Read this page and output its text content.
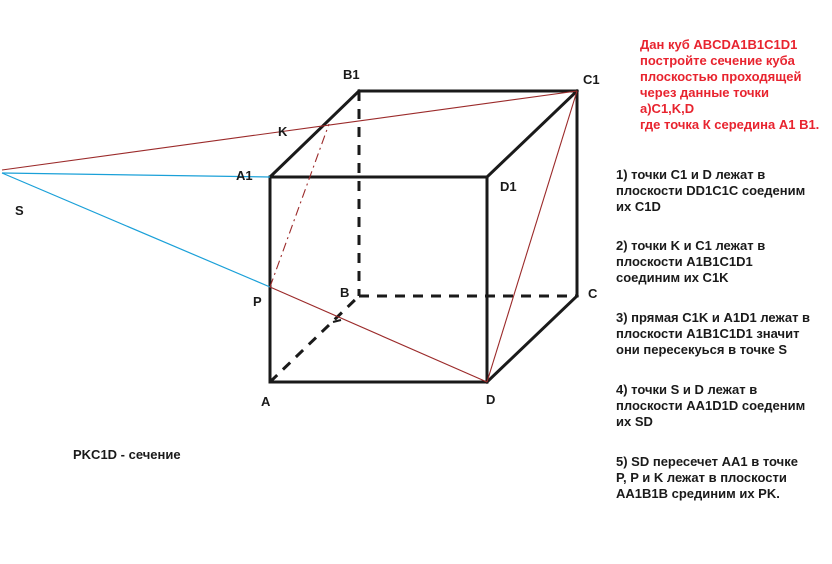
B1	C1
K
A1
D1
S
P
B	C
A	D
Дан куб ABCDA1B1C1D1
постройте сечение куба
плоскостью проходящей
через данные точки
а)C1,K,D
где точка К середина А1 В1.
1) точки C1 и D лежат в
плоскости DD1C1C соеденим
их C1D
2) точки K и C1 лежат в
плоскости A1B1C1D1
соединим их C1K
3) прямая C1K и A1D1 лежат в
плоскости A1B1C1D1 значит
они пересекуься в точке S
4) точки S и D лежат в
плоскости AA1D1D соеденим
их SD
5) SD пересечет AA1 в точке
P, P и K лежат в плоскости
AA1B1B срединим их PK.
PKC1D - сечение
